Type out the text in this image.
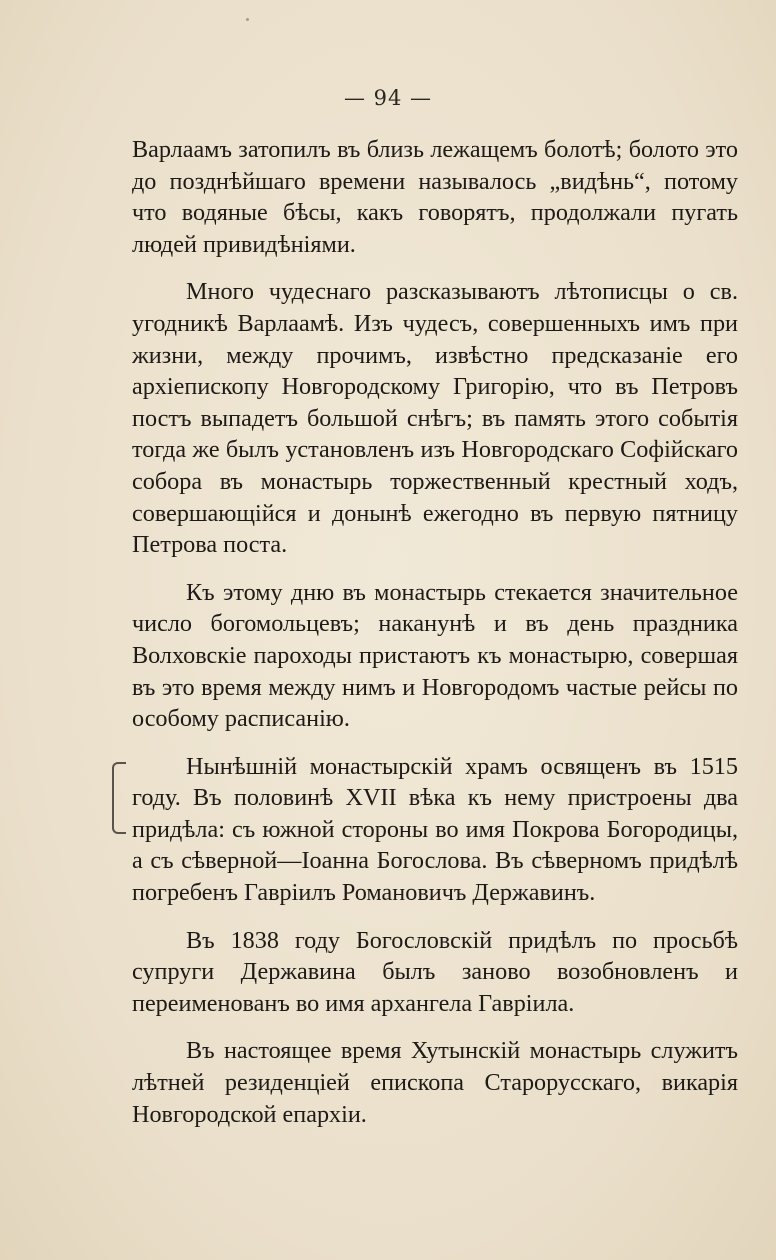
— 94 —

Варлаамъ затопилъ въ близь лежащемъ болотѣ; болото это до позднѣйшаго времени называлось „видѣнь“, потому что водяные бѣсы, какъ говорятъ, продолжали пугать людей привидѣніями.

Много чудеснаго разсказываютъ лѣтописцы о св. угодникѣ Варлаамѣ. Изъ чудесъ, совершенныхъ имъ при жизни, между прочимъ, извѣстно предсказаніе его архіепископу Новгородскому Григорію, что въ Петровъ постъ выпадетъ большой снѣгъ; въ память этого событія тогда же былъ установленъ изъ Новгородскаго Софійскаго собора въ монастырь торжественный крестный ходъ, совершающійся и донынѣ ежегодно въ первую пятницу Петрова поста.

Къ этому дню въ монастырь стекается значительное число богомольцевъ; наканунѣ и въ день праздника Волховскіе пароходы пристаютъ къ монастырю, совершая въ это время между нимъ и Новгородомъ частые рейсы по особому расписанію.

Нынѣшній монастырскій храмъ освященъ въ 1515 году. Въ половинѣ XVII вѣка къ нему пристроены два придѣла: съ южной стороны во имя Покрова Богородицы, а съ сѣверной—Іоанна Богослова. Въ сѣверномъ придѣлѣ погребенъ Гавріилъ Романовичъ Державинъ.

Въ 1838 году Богословскій придѣлъ по просьбѣ супруги Державина былъ заново возобновленъ и переименованъ во имя архангела Гавріила.

Въ настоящее время Хутынскій монастырь служитъ лѣтней резиденціей епископа Старорусскаго, викарія Новгородской епархіи.
